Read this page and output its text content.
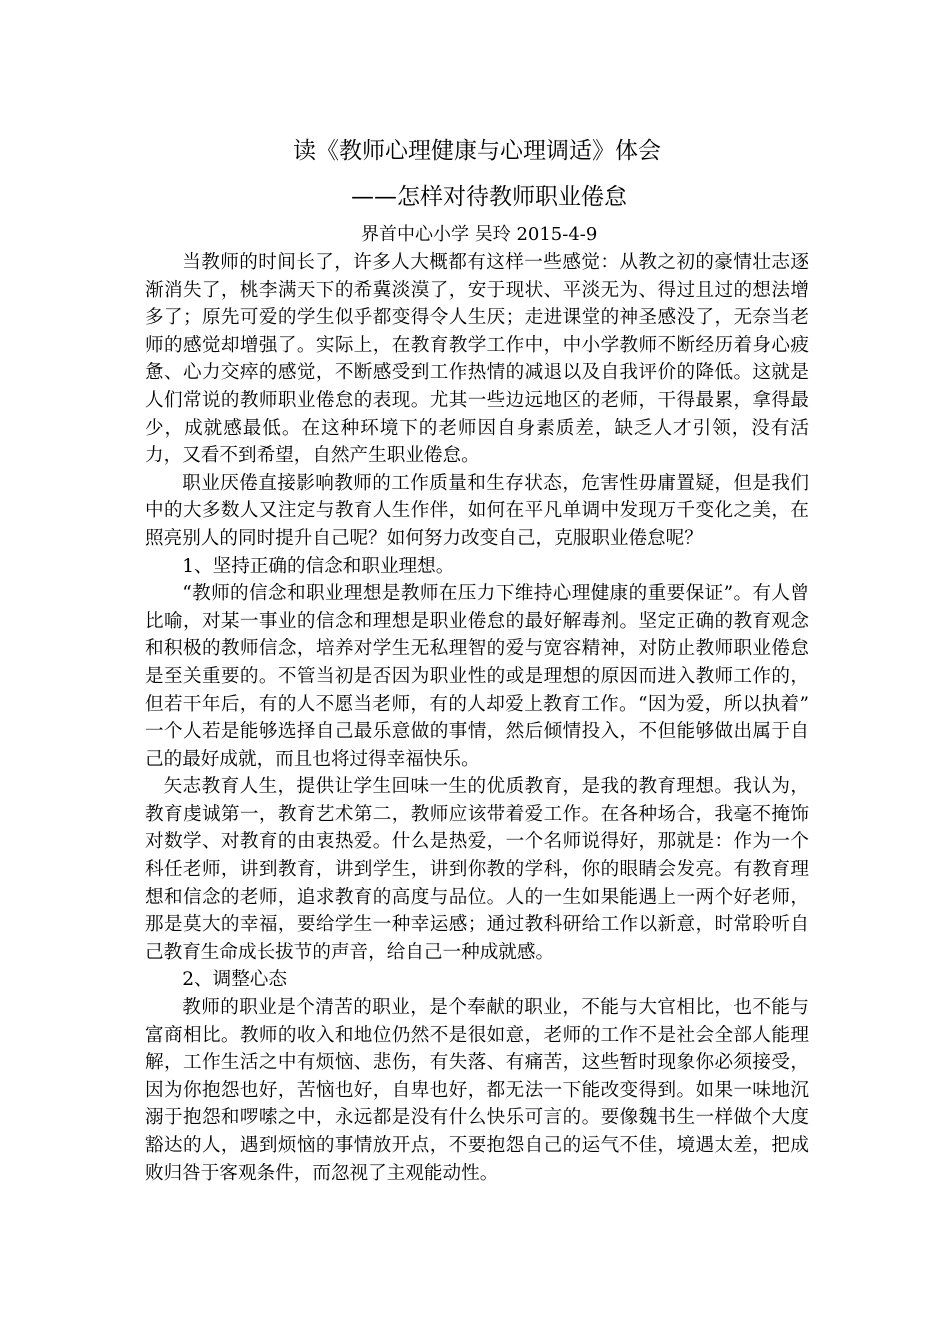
读《教师心理健康与心理调适》体会
——怎样对待教师职业倦怠

界首中心小学 吴玲 2015-4-9

当教师的时间长了，许多人大概都有这样一些感觉：从教之初的豪情壮志逐渐消失了，桃李满天下的希冀淡漠了，安于现状、平淡无为、得过且过的想法增多了；原先可爱的学生似乎都变得令人生厌；走进课堂的神圣感没了，无奈当老师的感觉却增强了。实际上，在教育教学工作中，中小学教师不断经历着身心疲惫、心力交瘁的感觉，不断感受到工作热情的减退以及自我评价的降低。这就是人们常说的教师职业倦怠的表现。尤其一些边远地区的老师，干得最累，拿得最少，成就感最低。在这种环境下的老师因自身素质差，缺乏人才引领，没有活力，又看不到希望，自然产生职业倦怠。

职业厌倦直接影响教师的工作质量和生存状态，危害性毋庸置疑，但是我们中的大多数人又注定与教育人生作伴，如何在平凡单调中发现万千变化之美，在照亮别人的同时提升自己呢？如何努力改变自己，克服职业倦怠呢？

1、坚持正确的信念和职业理想。

“教师的信念和职业理想是教师在压力下维持心理健康的重要保证”。有人曾比喻，对某一事业的信念和理想是职业倦怠的最好解毒剂。坚定正确的教育观念和积极的教师信念，培养对学生无私理智的爱与宽容精神，对防止教师职业倦怠是至关重要的。不管当初是否因为职业性的或是理想的原因而进入教师工作的，但若干年后，有的人不愿当老师，有的人却爱上教育工作。“因为爱，所以执着” 一个人若是能够选择自己最乐意做的事情，然后倾情投入，不但能够做出属于自己的最好成就，而且也将过得幸福快乐。

矢志教育人生，提供让学生回味一生的优质教育，是我的教育理想。我认为，教育虔诚第一，教育艺术第二，教师应该带着爱工作。在各种场合，我毫不掩饰对数学、对教育的由衷热爱。什么是热爱，一个名师说得好，那就是：作为一个科任老师，讲到教育，讲到学生，讲到你教的学科，你的眼睛会发亮。有教育理想和信念的老师，追求教育的高度与品位。人的一生如果能遇上一两个好老师，那是莫大的幸福，要给学生一种幸运感；通过教科研给工作以新意，时常聆听自己教育生命成长拔节的声音，给自己一种成就感。

2、调整心态

教师的职业是个清苦的职业，是个奉献的职业，不能与大官相比，也不能与富商相比。教师的收入和地位仍然不是很如意，老师的工作不是社会全部人能理解，工作生活之中有烦恼、悲伤，有失落、有痛苦，这些暂时现象你必须接受，因为你抱怨也好，苦恼也好，自卑也好，都无法一下能改变得到。如果一味地沉溺于抱怨和啰嗦之中，永远都是没有什么快乐可言的。要像魏书生一样做个大度豁达的人，遇到烦恼的事情放开点，不要抱怨自己的运气不佳，境遇太差，把成败归咎于客观条件，而忽视了主观能动性。
